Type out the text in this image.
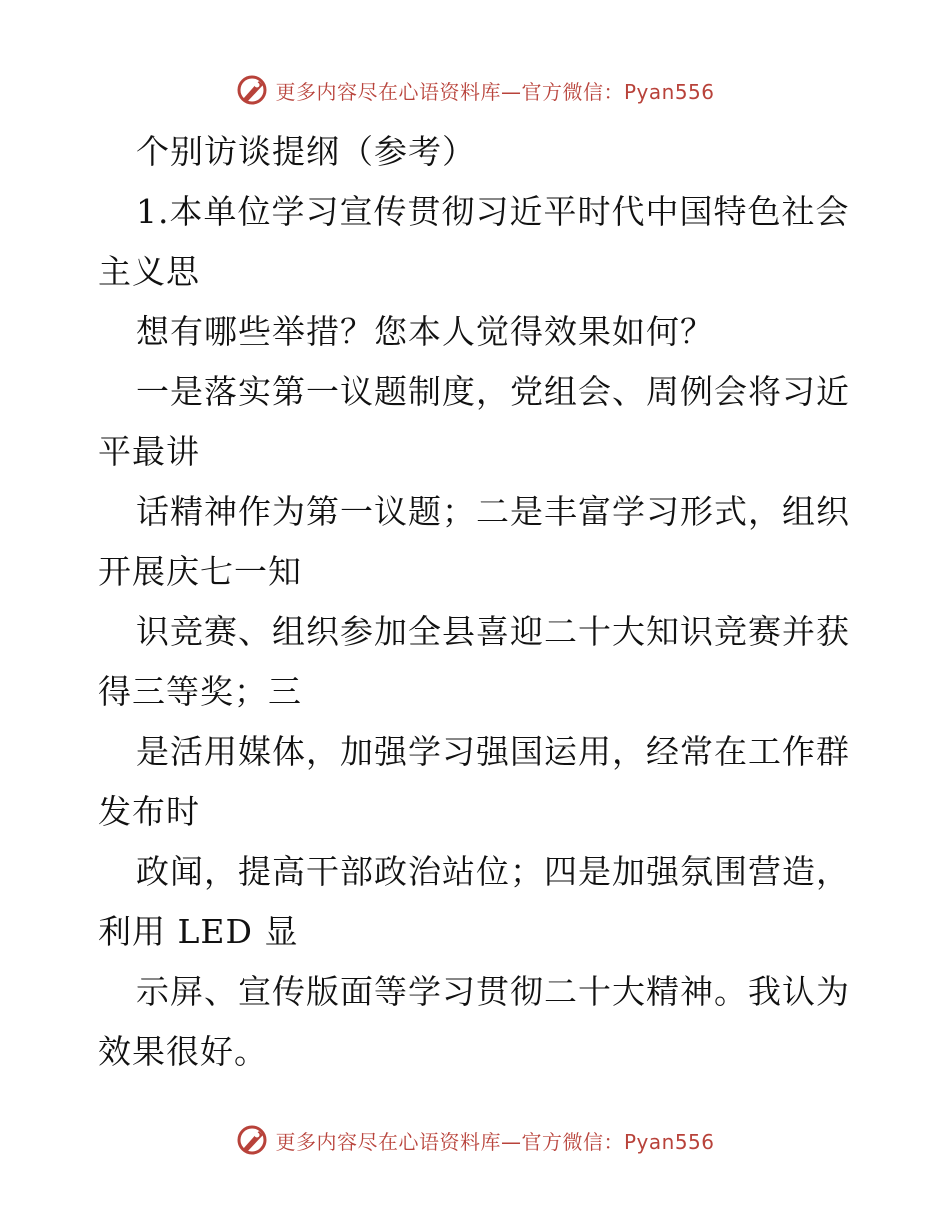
更多内容尽在心语资料库—官方微信：Pyan556
个别访谈提纲（参考）
1.本单位学习宣传贯彻习近平时代中国特色社会
主义思
想有哪些举措？您本人觉得效果如何？
一是落实第一议题制度，党组会、周例会将习近
平最讲
话精神作为第一议题；二是丰富学习形式，组织
开展庆七一知
识竞赛、组织参加全县喜迎二十大知识竞赛并获
得三等奖；三
是活用媒体，加强学习强国运用，经常在工作群
发布时
政闻，提高干部政治站位；四是加强氛围营造，
利用 LED 显
示屏、宣传版面等学习贯彻二十大精神。我认为
效果很好。
更多内容尽在心语资料库—官方微信：Pyan556
